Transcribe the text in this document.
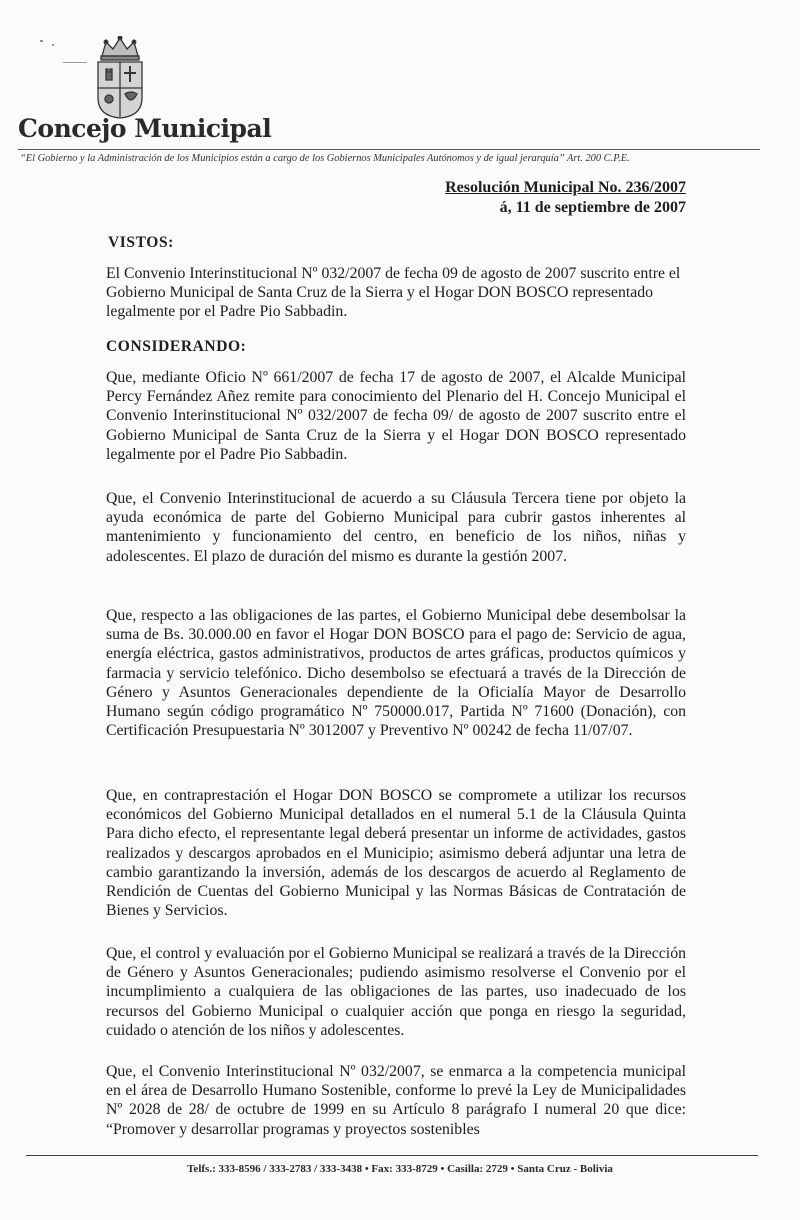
Concejo Municipal
“El Gobierno y la Administración de los Municipios están a cargo de los Gobiernos Municipales Autónomos y de igual jerarquía” Art. 200 C.P.E.
Resolución Municipal No. 236/2007
á, 11 de septiembre de 2007
VISTOS:

El Convenio Interinstitucional Nº 032/2007 de fecha 09 de agosto de 2007 suscrito entre el Gobierno Municipal de Santa Cruz de la Sierra y el Hogar DON BOSCO representado legalmente por el Padre Pio Sabbadin.

CONSIDERANDO:

Que, mediante Oficio Nº 661/2007 de fecha 17 de agosto de 2007, el Alcalde Municipal Percy Fernández Añez remite para conocimiento del Plenario del H. Concejo Municipal el Convenio Interinstitucional Nº 032/2007 de fecha 09/ de agosto de 2007 suscrito entre el Gobierno Municipal de Santa Cruz de la Sierra y el Hogar DON BOSCO representado legalmente por el Padre Pio Sabbadin.

Que, el Convenio Interinstitucional de acuerdo a su Cláusula Tercera tiene por objeto la ayuda económica de parte del Gobierno Municipal para cubrir gastos inherentes al mantenimiento y funcionamiento del centro, en beneficio de los niños, niñas y adolescentes. El plazo de duración del mismo es durante la gestión 2007.

Que, respecto a las obligaciones de las partes, el Gobierno Municipal debe desembolsar la suma de Bs. 30.000.00 en favor el Hogar DON BOSCO para el pago de: Servicio de agua, energía eléctrica, gastos administrativos, productos de artes gráficas, productos químicos y farmacia y servicio telefónico. Dicho desembolso se efectuará a través de la Dirección de Género y Asuntos Generacionales dependiente de la Oficialía Mayor de Desarrollo Humano según código programático Nº 750000.017, Partida Nº 71600 (Donación), con Certificación Presupuestaria Nº 3012007 y Preventivo Nº 00242 de fecha 11/07/07.

Que, en contraprestación el Hogar DON BOSCO se compromete a utilizar los recursos económicos del Gobierno Municipal detallados en el numeral 5.1 de la Cláusula Quinta Para dicho efecto, el representante legal deberá presentar un informe de actividades, gastos realizados y descargos aprobados en el Municipio; asimismo deberá adjuntar una letra de cambio garantizando la inversión, además de los descargos de acuerdo al Reglamento de Rendición de Cuentas del Gobierno Municipal y las Normas Básicas de Contratación de Bienes y Servicios.

Que, el control y evaluación por el Gobierno Municipal se realizará a través de la Dirección de Género y Asuntos Generacionales; pudiendo asimismo resolverse el Convenio por el incumplimiento a cualquiera de las obligaciones de las partes, uso inadecuado de los recursos del Gobierno Municipal o cualquier acción que ponga en riesgo la seguridad, cuidado o atención de los niños y adolescentes.

Que, el Convenio Interinstitucional Nº 032/2007, se enmarca a la competencia municipal en el área de Desarrollo Humano Sostenible, conforme lo prevé la Ley de Municipalidades Nº 2028 de 28/ de octubre de 1999 en su Artículo 8 parágrafo I numeral 20 que dice: “Promover y desarrollar programas y proyectos sostenibles

Telfs.: 333-8596 / 333-2783 / 333-3438 • Fax: 333-8729 • Casilla: 2729 • Santa Cruz - Bolivia
